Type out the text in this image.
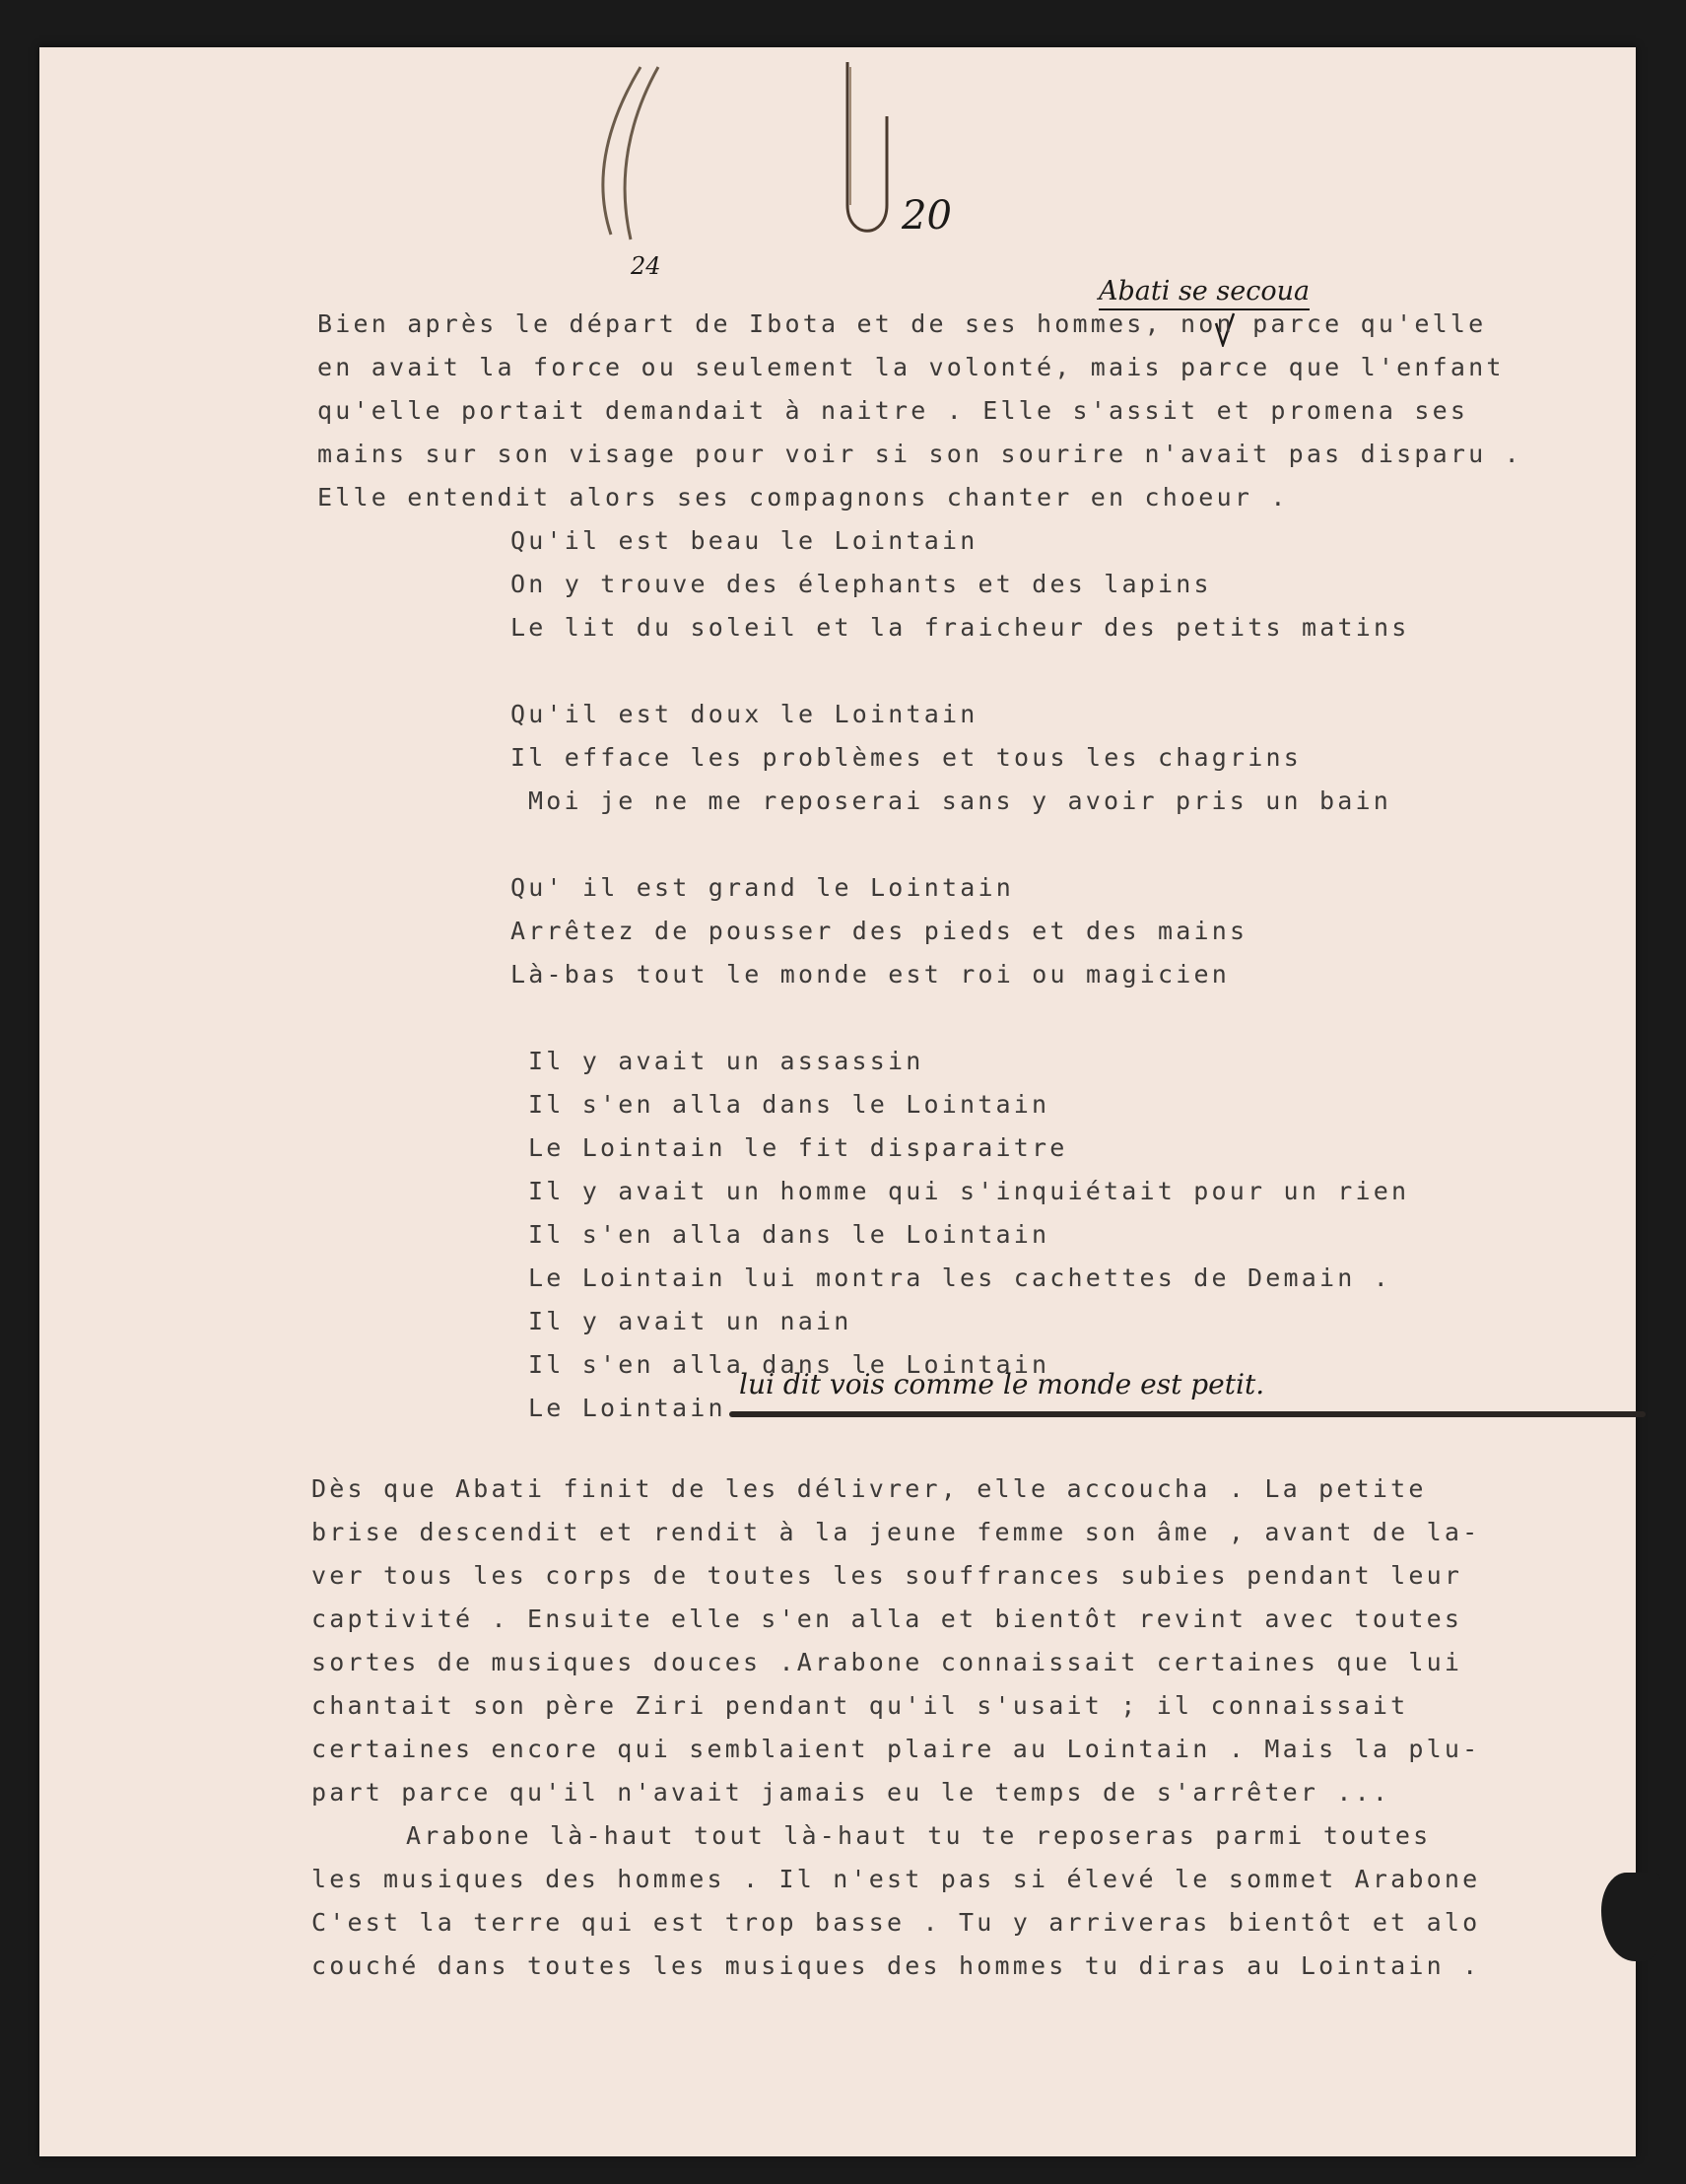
20
24
Abati se secoua
Bien après le départ de Ibota et de ses hommes, non parce qu'elle
en avait la force ou seulement la volonté, mais parce que l'enfant
qu'elle portait demandait à naitre . Elle s'assit et promena ses
mains sur son visage pour voir si son sourire n'avait pas disparu .
Elle entendit alors ses compagnons chanter en choeur .
Qu'il est beau le Lointain
On y trouve des élephants et des lapins
Le lit du soleil et la fraicheur des petits matins
Qu'il est doux le Lointain
Il efface les problèmes et tous les chagrins
Moi je ne me reposerai sans y avoir pris un bain
Qu' il est grand le Lointain
Arrêtez de pousser des pieds et des mains
Là-bas tout le monde est roi ou magicien
Il y avait un assassin
Il s'en alla dans le Lointain
Le Lointain le fit disparaitre
Il y avait un homme qui s'inquiétait pour un rien
Il s'en alla dans le Lointain
Le Lointain lui montra les cachettes de Demain .
Il y avait un nain
Il s'en alla dans le Lointain
Le Lointain
lui dit vois comme le monde est petit.
Dès que Abati finit de les délivrer, elle accoucha . La petite
brise descendit et rendit à la jeune femme son âme , avant de la-
ver tous les corps de toutes les souffrances subies pendant leur
captivité . Ensuite elle s'en alla et bientôt revint avec toutes
sortes de musiques douces .Arabone connaissait certaines que lui
chantait son père Ziri pendant qu'il s'usait ; il connaissait
certaines encore qui semblaient plaire au Lointain . Mais la plu-
part parce qu'il n'avait jamais eu le temps de s'arrêter ...
Arabone là-haut tout là-haut tu te reposeras parmi toutes
les musiques des hommes . Il n'est pas si élevé le sommet Arabone
C'est la terre qui est trop basse . Tu y arriveras bientôt et alo
couché dans toutes les musiques des hommes tu diras au Lointain .
